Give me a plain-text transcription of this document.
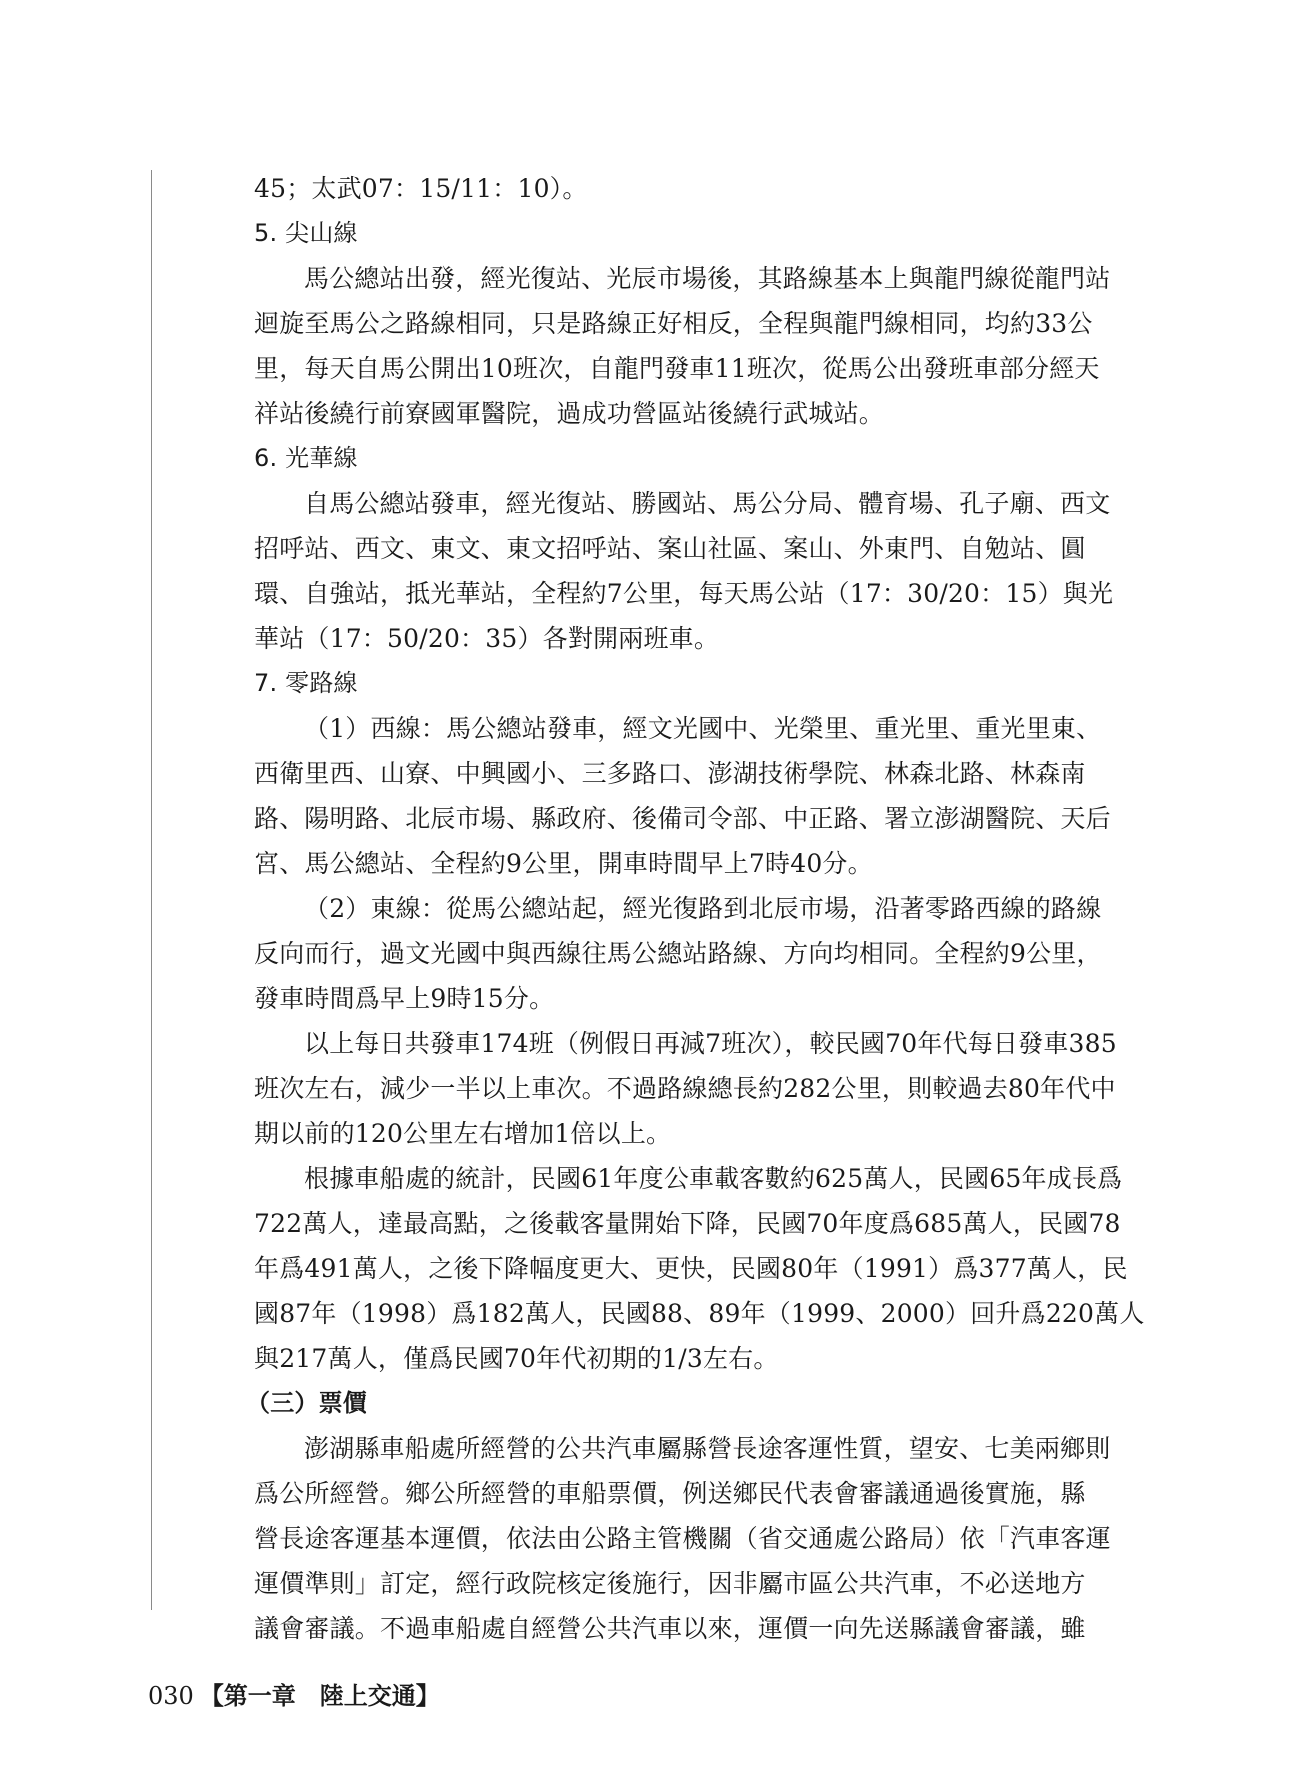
45；太武07：15/11：10）。
5. 尖山線
馬公總站出發，經光復站、光辰市場後，其路線基本上與龍門線從龍門站
迴旋至馬公之路線相同，只是路線正好相反，全程與龍門線相同，均約33公
里，每天自馬公開出10班次，自龍門發車11班次，從馬公出發班車部分經天
祥站後繞行前寮國軍醫院，過成功營區站後繞行武城站。
6. 光華線
自馬公總站發車，經光復站、勝國站、馬公分局、體育場、孔子廟、西文
招呼站、西文、東文、東文招呼站、案山社區、案山、外東門、自勉站、圓
環、自強站，抵光華站，全程約7公里，每天馬公站（17：30/20：15）與光
華站（17：50/20：35）各對開兩班車。
7. 零路線
（1）西線：馬公總站發車，經文光國中、光榮里、重光里、重光里東、
西衛里西、山寮、中興國小、三多路口、澎湖技術學院、林森北路、林森南
路、陽明路、北辰市場、縣政府、後備司令部、中正路、署立澎湖醫院、天后
宮、馬公總站、全程約9公里，開車時間早上7時40分。
（2）東線：從馬公總站起，經光復路到北辰市場，沿著零路西線的路線
反向而行，過文光國中與西線往馬公總站路線、方向均相同。全程約9公里，
發車時間爲早上9時15分。
以上每日共發車174班（例假日再減7班次），較民國70年代每日發車385
班次左右，減少一半以上車次。不過路線總長約282公里，則較過去80年代中
期以前的120公里左右增加1倍以上。
根據車船處的統計，民國61年度公車載客數約625萬人，民國65年成長爲
722萬人，達最高點，之後載客量開始下降，民國70年度爲685萬人，民國78
年爲491萬人，之後下降幅度更大、更快，民國80年（1991）爲377萬人，民
國87年（1998）爲182萬人，民國88、89年（1999、2000）回升爲220萬人
與217萬人，僅爲民國70年代初期的1/3左右。
（三）票價
澎湖縣車船處所經營的公共汽車屬縣營長途客運性質，望安、七美兩鄉則
爲公所經營。鄉公所經營的車船票價，例送鄉民代表會審議通過後實施，縣
營長途客運基本運價，依法由公路主管機關（省交通處公路局）依「汽車客運
運價準則」訂定，經行政院核定後施行，因非屬市區公共汽車，不必送地方
議會審議。不過車船處自經營公共汽車以來，運價一向先送縣議會審議，雖
030 【第一章　陸上交通】
